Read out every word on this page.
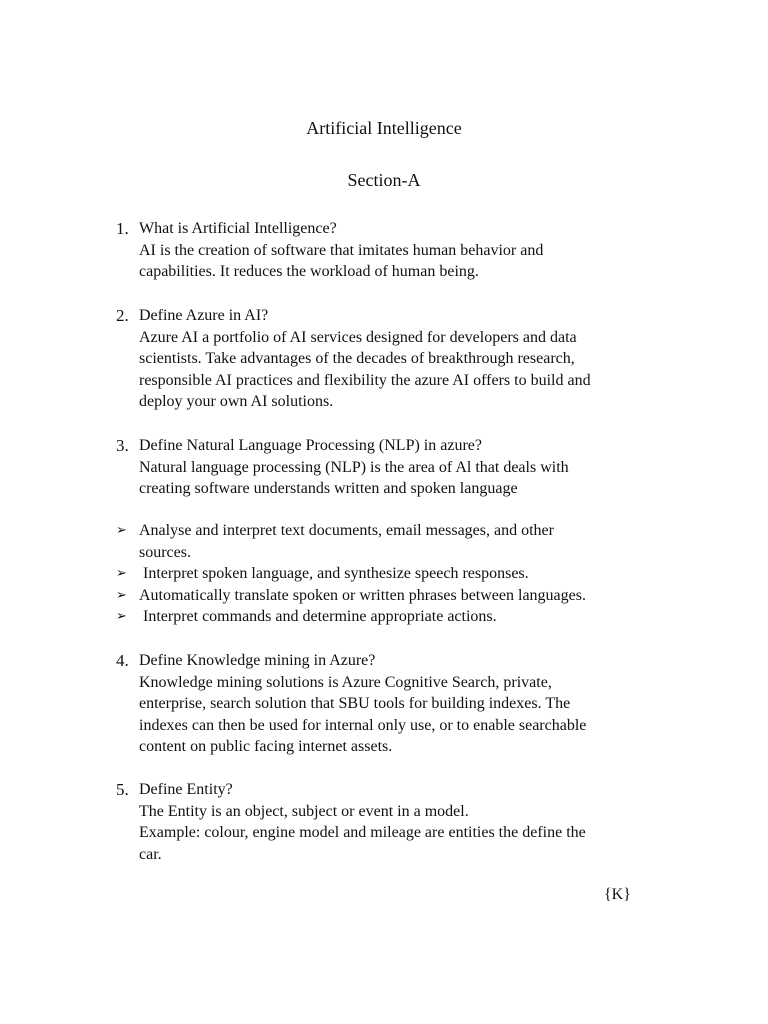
Artificial Intelligence
Section-A
1. What is Artificial Intelligence?
AI is the creation of software that imitates human behavior and
capabilities. It reduces the workload of human being.
2. Define Azure in AI?
Azure AI a portfolio of AI services designed for developers and data
scientists. Take advantages of the decades of breakthrough research,
responsible AI practices and flexibility the azure AI offers to build and
deploy your own AI solutions.
3. Define Natural Language Processing (NLP) in azure?
Natural language processing (NLP) is the area of Al that deals with
creating software understands written and spoken language
➢ Analyse and interpret text documents, email messages, and other
sources.
➢ Interpret spoken language, and synthesize speech responses.
➢ Automatically translate spoken or written phrases between languages.
➢ Interpret commands and determine appropriate actions.
4. Define Knowledge mining in Azure?
Knowledge mining solutions is Azure Cognitive Search, private,
enterprise, search solution that SBU tools for building indexes. The
indexes can then be used for internal only use, or to enable searchable
content on public facing internet assets.
5. Define Entity?
The Entity is an object, subject or event in a model.
Example: colour, engine model and mileage are entities the define the
car.
{K}
